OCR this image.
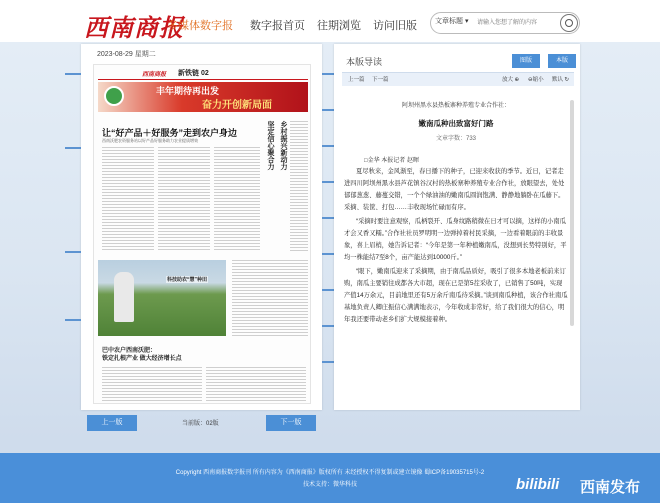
西南商报
多媒体数字报 数字报首页 往期浏览 访问旧版	文章标题 ▾
请输入您想了解的内容
2023-08-29 星期二
西南商报 新铁链 02
丰年期待再出发
奋力开创新局面
让“好产品＋好服务”走到农户身边
西南沃肥农资服务站以好产品好服务助力农业提质增效	坚定信心聚合力 乡村振兴新动力
科技助农“慧”种田
巴中农户西南沃肥：
铁定扎根产业 做大经济增长点
上一版	当前版：02版	下一版
本版导读	图版	本版
上一篇 下一篇	放大 ⊕ ⊖缩小 默认 ↻
阿坝州黑水县热板寨种养殖专业合作社：
嫩南瓜种出致富好门路
文章字数：733
□金华 本报记者 赵暉

夏尽秋来，金风渐至，春日播下的种子，已迎来收获的季节。近日，记者走进四川阿坝州黑水县芦花镇谷汉村的热板寨种养殖专业合作社，放眼望去，处处郁郁葱葱、藤蔓交错，一个个绿油油的嫩南瓜圆润饱满、静静地躺卧在瓜藤下。采摘、装筐、打包……丰收现场忙碌而有序。

“采摘时要注意观察，瓜柄裂开、瓜身纹路稍微在日才可以摘，这样的小南瓜才会又香又糯。”合作社社员罗明明一边弹掉着村民采摘，一边看着眼前的丰收景象，喜上眉梢，她告诉记者：“今年是第一年种植嫩南瓜，没想到长势特别好，平均一株能结7至8个，亩产能达到10000斤。”

“眼下，嫩南瓜迎来了采摘期，由于南瓜品质好，吸引了很多本地老板前来订购，南瓜主要销往成都各大市超，现在已是第5茬采收了，已销售了50吨，实现产值14万余元，目前地里还有5万余斤南瓜待采摘。”谈到南瓜种植，该合作社南瓜基地负责人卿庄振信心满满地表示，今年收成非常好，给了我们很大的信心，明年我还要带动老乡们扩大规模接着种。

Copyright 西南商报数字报刊 所有内容为《西南商报》版权所有 未经授权不得复制或建立镜像 蜀ICP备19035715号-2
技术支持：微华科技	bilibili 西南发布
